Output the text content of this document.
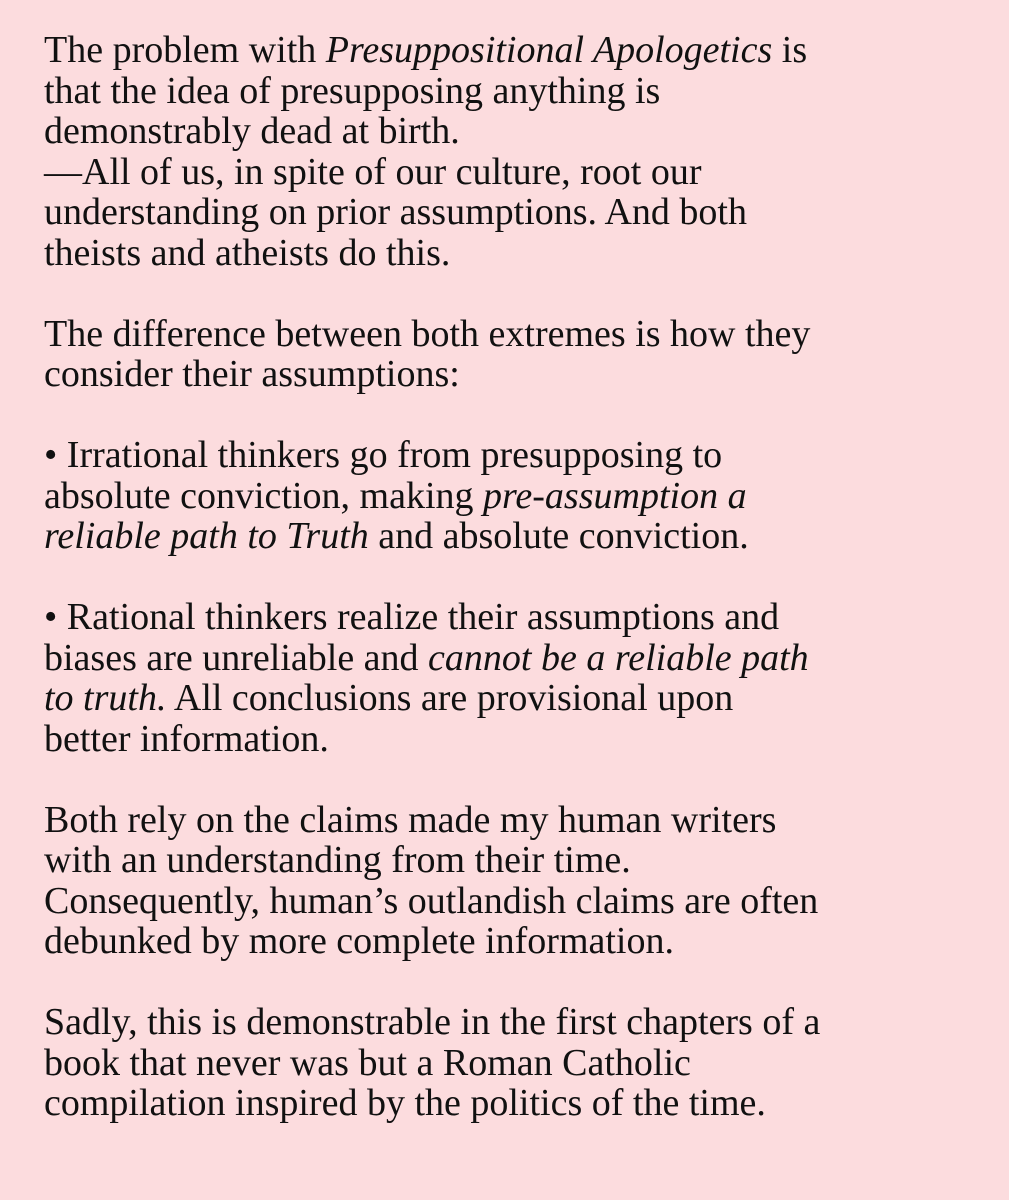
The problem with Presuppositional Apologetics is
that the idea of presupposing anything is
demonstrably dead at birth.
—All of us, in spite of our culture, root our
understanding on prior assumptions. And both
theists and atheists do this.

The difference between both extremes is how they
consider their assumptions:

• Irrational thinkers go from presupposing to
absolute conviction, making pre-assumption a
reliable path to Truth and absolute conviction.

• Rational thinkers realize their assumptions and
biases are unreliable and cannot be a reliable path
to truth. All conclusions are provisional upon
better information.

Both rely on the claims made my human writers
with an understanding from their time.
Consequently, human’s outlandish claims are often
debunked by more complete information.

Sadly, this is demonstrable in the first chapters of a
book that never was but a Roman Catholic
compilation inspired by the politics of the time.
